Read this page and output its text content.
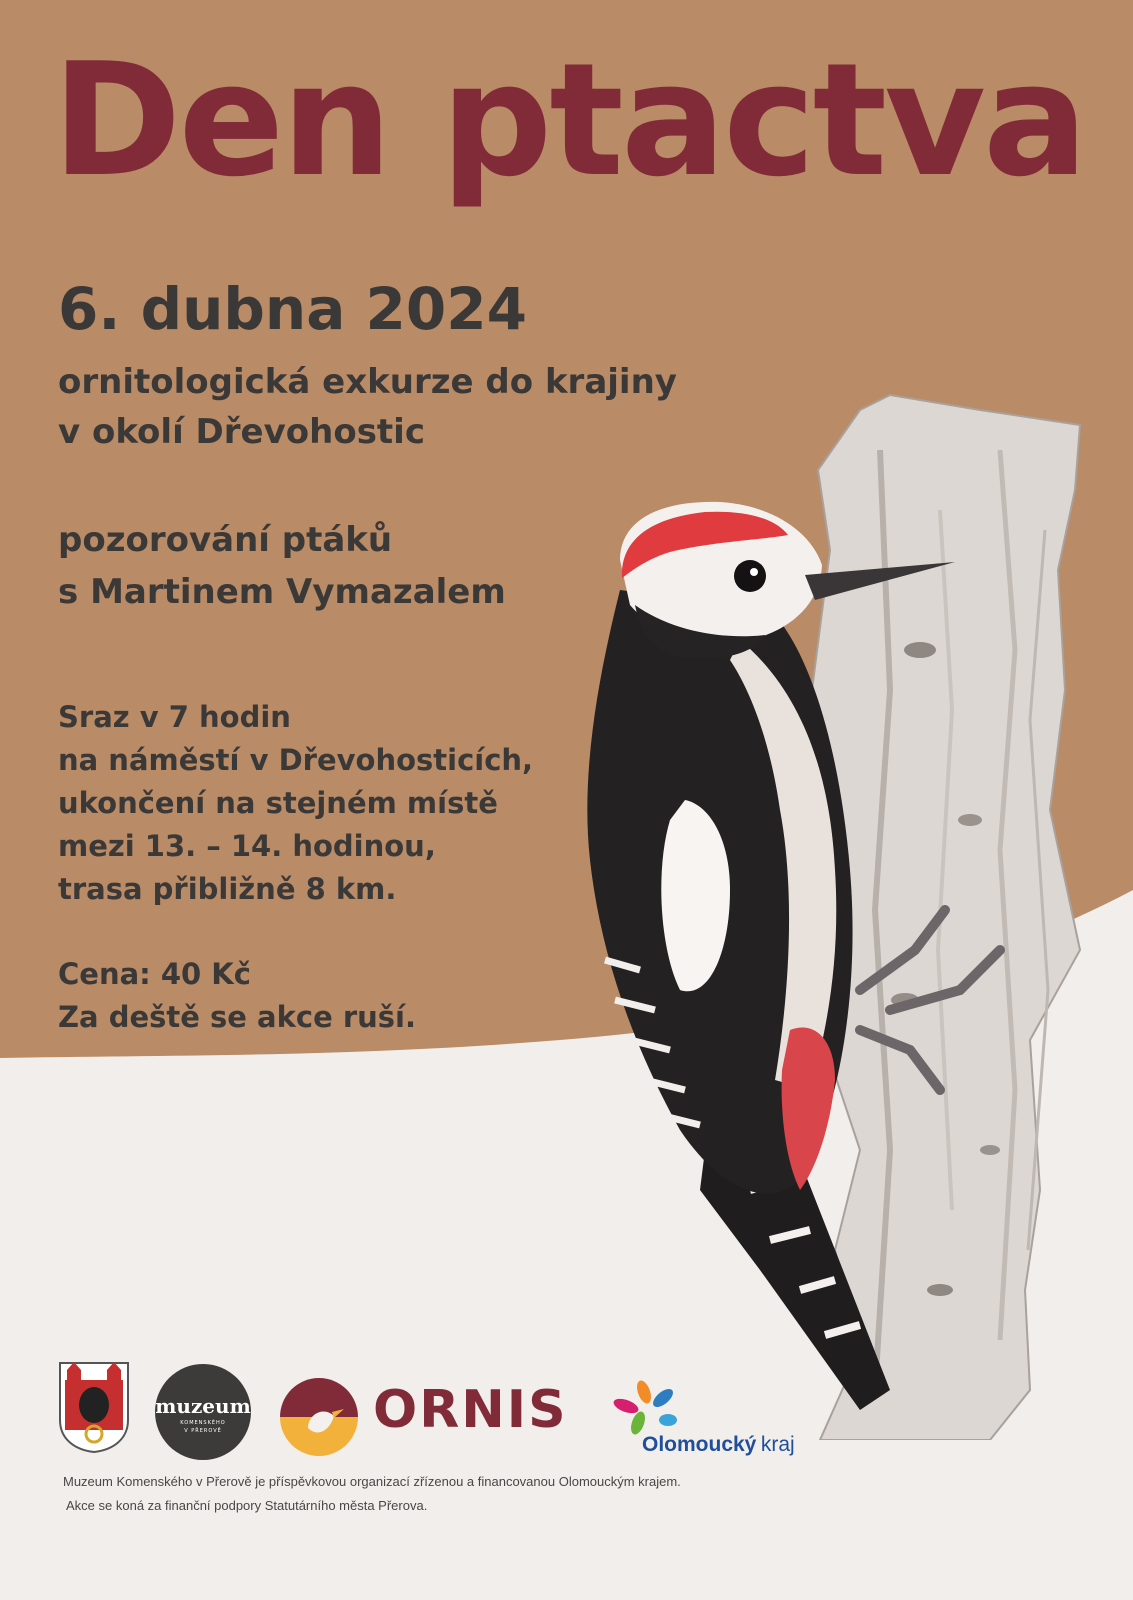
Den ptactva
6. dubna 2024
ornitologická exkurze do krajiny
v okolí Dřevohostic
pozorování ptáků
s Martinem Vymazalem
Sraz v 7 hodin
na náměstí v Dřevohosticích,
ukončení na stejném místě
mezi 13. – 14. hodinou,
trasa přibližně 8 km.
Cena: 40 Kč
Za deště se akce ruší.
muzeum
KOMENSKÉHO
V PŘEROVĚ	ORNIS
Olomoucký kraj
Muzeum Komenského v Přerově je příspěvkovou organizací zřízenou a financovanou Olomouckým krajem.
Akce se koná za finanční podpory Statutárního města Přerova.
